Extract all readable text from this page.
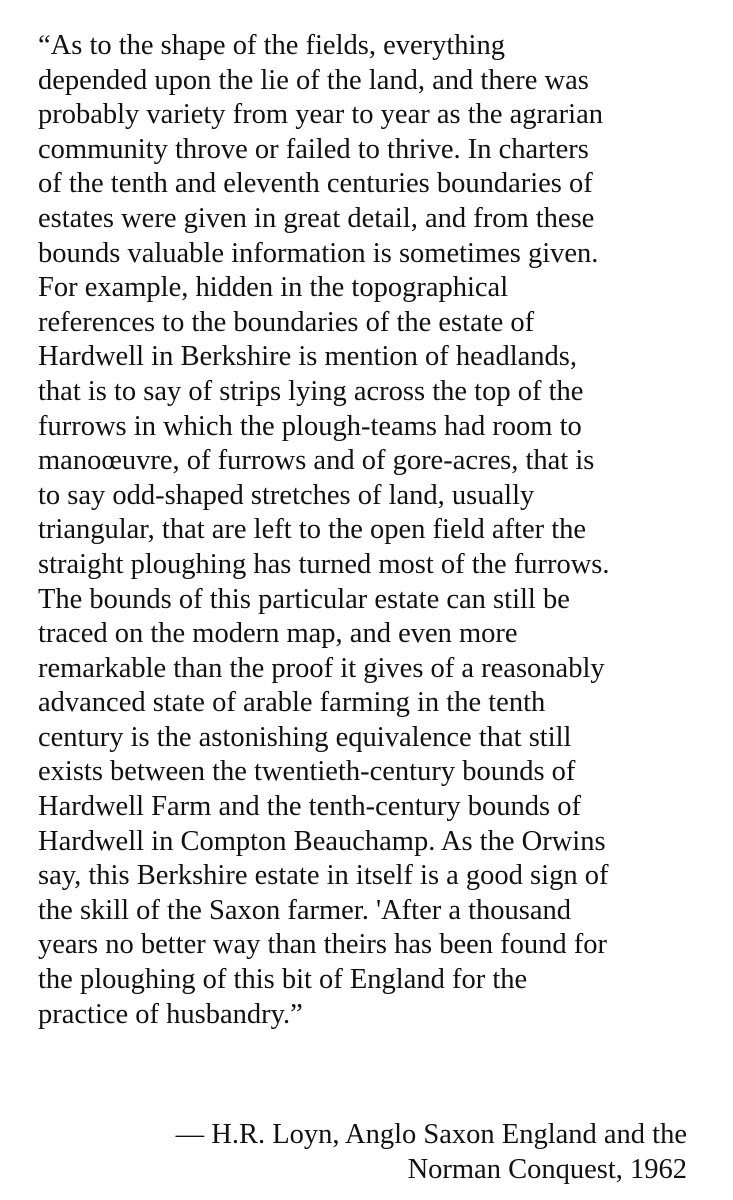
“As to the shape of the fields, everything
depended upon the lie of the land, and there was
probably variety from year to year as the agrarian
community throve or failed to thrive. In charters
of the tenth and eleventh centuries boundaries of
estates were given in great detail, and from these
bounds valuable information is sometimes given.
For example, hidden in the topographical
references to the boundaries of the estate of
Hardwell in Berkshire is mention of headlands,
that is to say of strips lying across the top of the
furrows in which the plough-teams had room to
manoœuvre, of furrows and of gore-acres, that is
to say odd-shaped stretches of land, usually
triangular, that are left to the open field after the
straight ploughing has turned most of the furrows.
The bounds of this particular estate can still be
traced on the modern map, and even more
remarkable than the proof it gives of a reasonably
advanced state of arable farming in the tenth
century is the astonishing equivalence that still
exists between the twentieth-century bounds of
Hardwell Farm and the tenth-century bounds of
Hardwell in Compton Beauchamp. As the Orwins
say, this Berkshire estate in itself is a good sign of
the skill of the Saxon farmer. 'After a thousand
years no better way than theirs has been found for
the ploughing of this bit of England for the
practice of husbandry.”
— H.R. Loyn, Anglo Saxon England and the
Norman Conquest, 1962
